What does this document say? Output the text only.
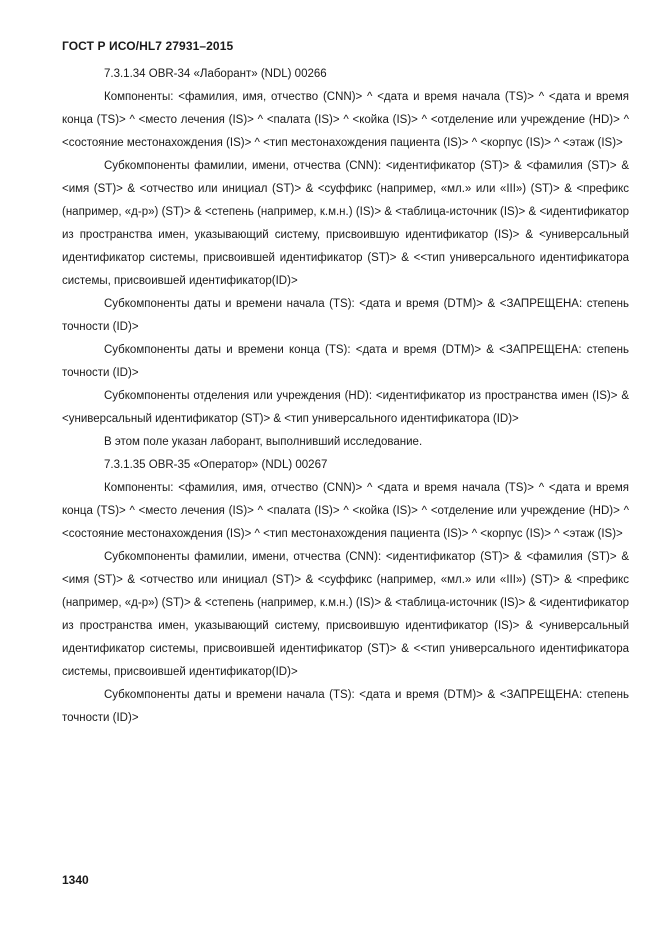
ГОСТ Р ИСО/HL7 27931–2015

7.3.1.34 OBR-34 «Лаборант» (NDL) 00266

Компоненты: <фамилия, имя, отчество (CNN)> ^ <дата и время начала (TS)> ^ <дата и время конца (TS)> ^ <место лечения (IS)> ^ <палата (IS)> ^ <койка (IS)> ^ <отделение или учреждение (HD)> ^ <состояние местонахождения (IS)> ^ <тип местонахождения пациента (IS)> ^ <корпус (IS)> ^ <этаж (IS)>

Субкомпоненты фамилии, имени, отчества (CNN): <идентификатор (ST)> & <фамилия (ST)> & <имя (ST)> & <отчество или инициал (ST)> & <суффикс (например, «мл.» или «III») (ST)> & <префикс (например, «д-р») (ST)> & <степень (например, к.м.н.) (IS)> & <таблица-источник (IS)> & <идентификатор из пространства имен, указывающий систему, присвоившую идентификатор (IS)> & <универсальный идентификатор системы, присвоившей идентификатор (ST)> & <<тип универсального идентификатора системы, присвоившей идентификатор(ID)>

Субкомпоненты даты и времени начала (TS): <дата и время (DTM)> & <ЗАПРЕЩЕНА: степень точности (ID)>

Субкомпоненты даты и времени конца (TS): <дата и время (DTM)> & <ЗАПРЕЩЕНА: степень точности (ID)>

Субкомпоненты отделения или учреждения (HD): <идентификатор из пространства имен (IS)> & <универсальный идентификатор (ST)> & <тип универсального идентификатора (ID)>

В этом поле указан лаборант, выполнивший исследование.

7.3.1.35 OBR-35 «Оператор» (NDL) 00267

Компоненты: <фамилия, имя, отчество (CNN)> ^ <дата и время начала (TS)> ^ <дата и время конца (TS)> ^ <место лечения (IS)> ^ <палата (IS)> ^ <койка (IS)> ^ <отделение или учреждение (HD)> ^ <состояние местонахождения (IS)> ^ <тип местонахождения пациента (IS)> ^ <корпус (IS)> ^ <этаж (IS)>

Субкомпоненты фамилии, имени, отчества (CNN): <идентификатор (ST)> & <фамилия (ST)> & <имя (ST)> & <отчество или инициал (ST)> & <суффикс (например, «мл.» или «III») (ST)> & <префикс (например, «д-р») (ST)> & <степень (например, к.м.н.) (IS)> & <таблица-источник (IS)> & <идентификатор из пространства имен, указывающий систему, присвоившую идентификатор (IS)> & <универсальный идентификатор системы, присвоившей идентификатор (ST)> & <<тип универсального идентификатора системы, присвоившей идентификатор(ID)>

Субкомпоненты даты и времени начала (TS): <дата и время (DTM)> & <ЗАПРЕЩЕНА: степень точности (ID)>

1340
